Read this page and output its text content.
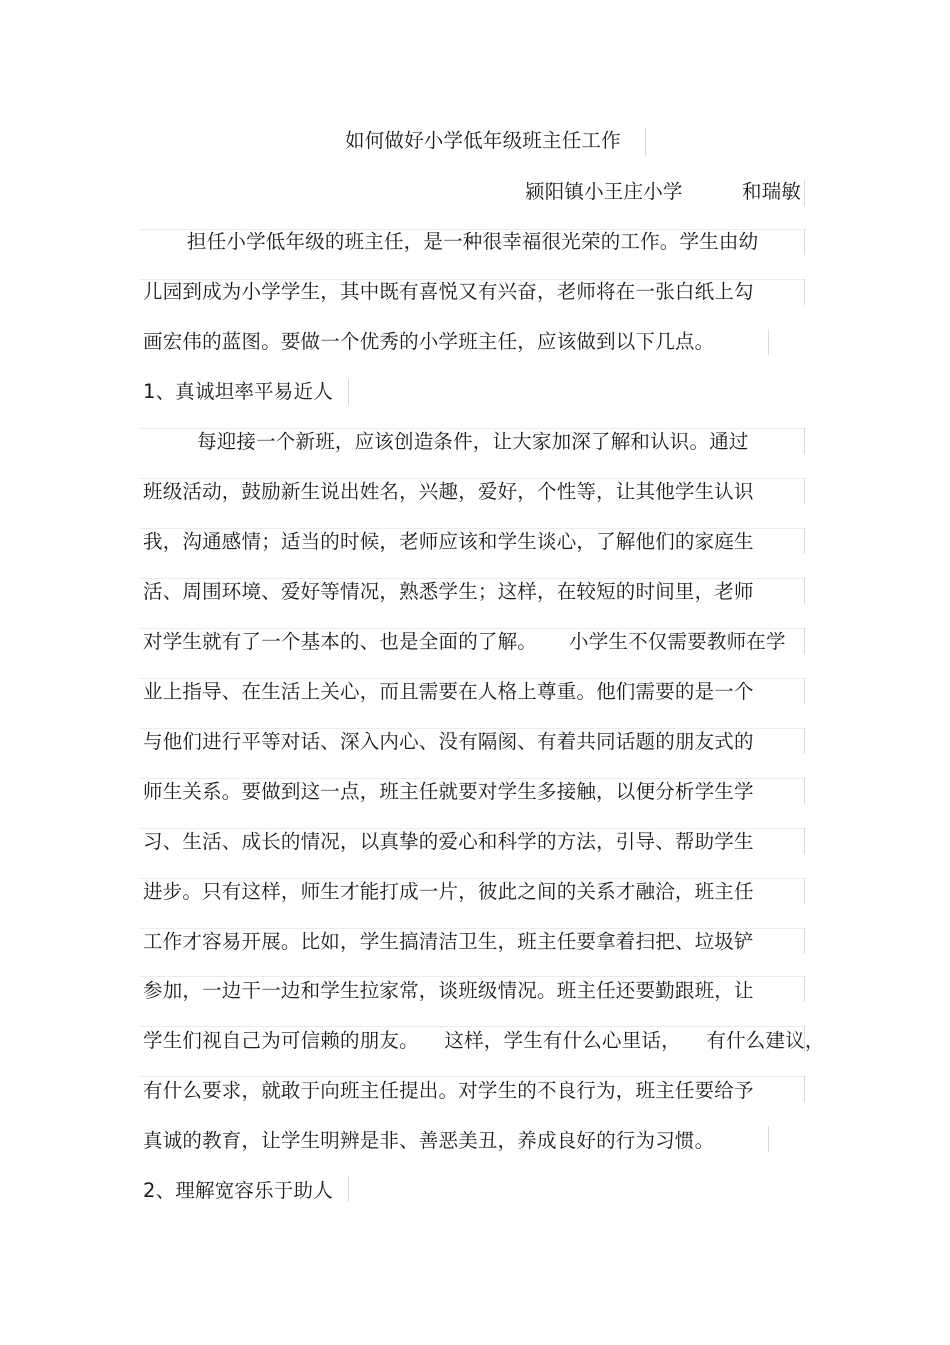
如何做好小学低年级班主任工作
颍阳镇小王庄小学	和瑞敏
担任小学低年级的班主任，是一种很幸福很光荣的工作。学生由幼
儿园到成为小学学生，其中既有喜悦又有兴奋，老师将在一张白纸上勾
画宏伟的蓝图。要做一个优秀的小学班主任，应该做到以下几点。
1、真诚坦率平易近人
每迎接一个新班，应该创造条件，让大家加深了解和认识。通过
班级活动，鼓励新生说出姓名，兴趣，爱好，个性等，让其他学生认识
我，沟通感情；适当的时候，老师应该和学生谈心，了解他们的家庭生
活、周围环境、爱好等情况，熟悉学生；这样，在较短的时间里，老师
对学生就有了一个基本的、也是全面的了解。     小学生不仅需要教师在学
业上指导、在生活上关心，而且需要在人格上尊重。他们需要的是一个
与他们进行平等对话、深入内心、没有隔阂、有着共同话题的朋友式的
师生关系。要做到这一点，班主任就要对学生多接触，以便分析学生学
习、生活、成长的情况，以真挚的爱心和科学的方法，引导、帮助学生
进步。只有这样，师生才能打成一片，彼此之间的关系才融洽，班主任
工作才容易开展。比如，学生搞清洁卫生，班主任要拿着扫把、垃圾铲
参加，一边干一边和学生拉家常，谈班级情况。班主任还要勤跟班，让
学生们视自己为可信赖的朋友。    这样，学生有什么心里话，    有什么建议，
有什么要求，就敢于向班主任提出。对学生的不良行为，班主任要给予
真诚的教育，让学生明辨是非、善恶美丑，养成良好的行为习惯。
2、理解宽容乐于助人
